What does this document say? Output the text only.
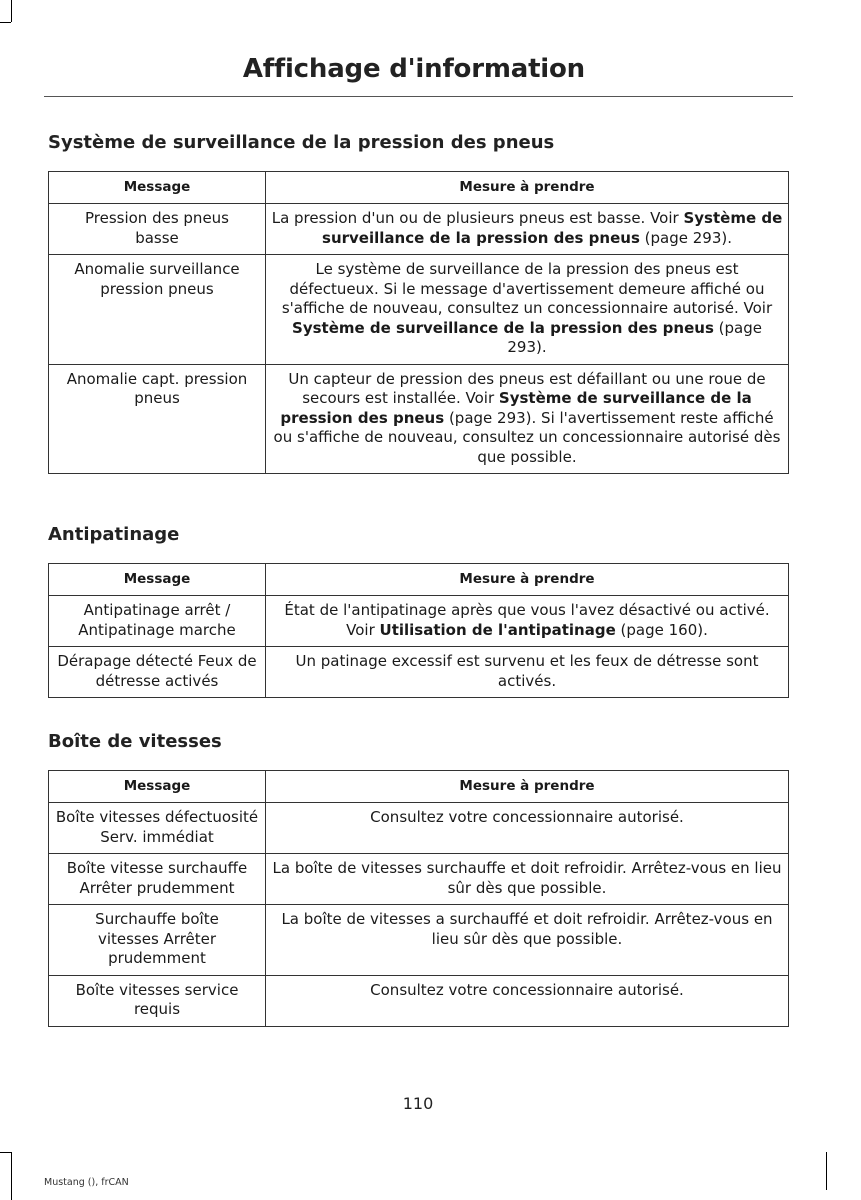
Affichage d'information
Système de surveillance de la pression des pneus
Message	Mesure à prendre
Pression des pneus basse	La pression d'un ou de plusieurs pneus est basse. Voir Système de surveillance de la pression des pneus (page 293).
Anomalie surveillance pression pneus	Le système de surveillance de la pression des pneus est défectueux. Si le message d'avertissement demeure affiché ou s'affiche de nouveau, consultez un concessionnaire autorisé. Voir Système de surveillance de la pression des pneus (page 293).
Anomalie capt. pression pneus	Un capteur de pression des pneus est défaillant ou une roue de secours est installée. Voir Système de surveillance de la pression des pneus (page 293). Si l'avertissement reste affiché ou s'affiche de nouveau, consultez un concessionnaire autorisé dès que possible.
Antipatinage
Message	Mesure à prendre
Antipatinage arrêt / Antipatinage marche	État de l'antipatinage après que vous l'avez désactivé ou activé. Voir Utilisation de l'antipatinage (page 160).
Dérapage détecté Feux de détresse activés	Un patinage excessif est survenu et les feux de détresse sont activés.
Boîte de vitesses
Message	Mesure à prendre
Boîte vitesses défectuosité Serv. immédiat	Consultez votre concessionnaire autorisé.
Boîte vitesse surchauffe Arrêter prudemment	La boîte de vitesses surchauffe et doit refroidir. Arrêtez-vous en lieu sûr dès que possible.
Surchauffe boîte vitesses Arrêter prudemment	La boîte de vitesses a surchauffé et doit refroidir. Arrêtez-vous en lieu sûr dès que possible.
Boîte vitesses service requis	Consultez votre concessionnaire autorisé.
110
Mustang (), frCAN
